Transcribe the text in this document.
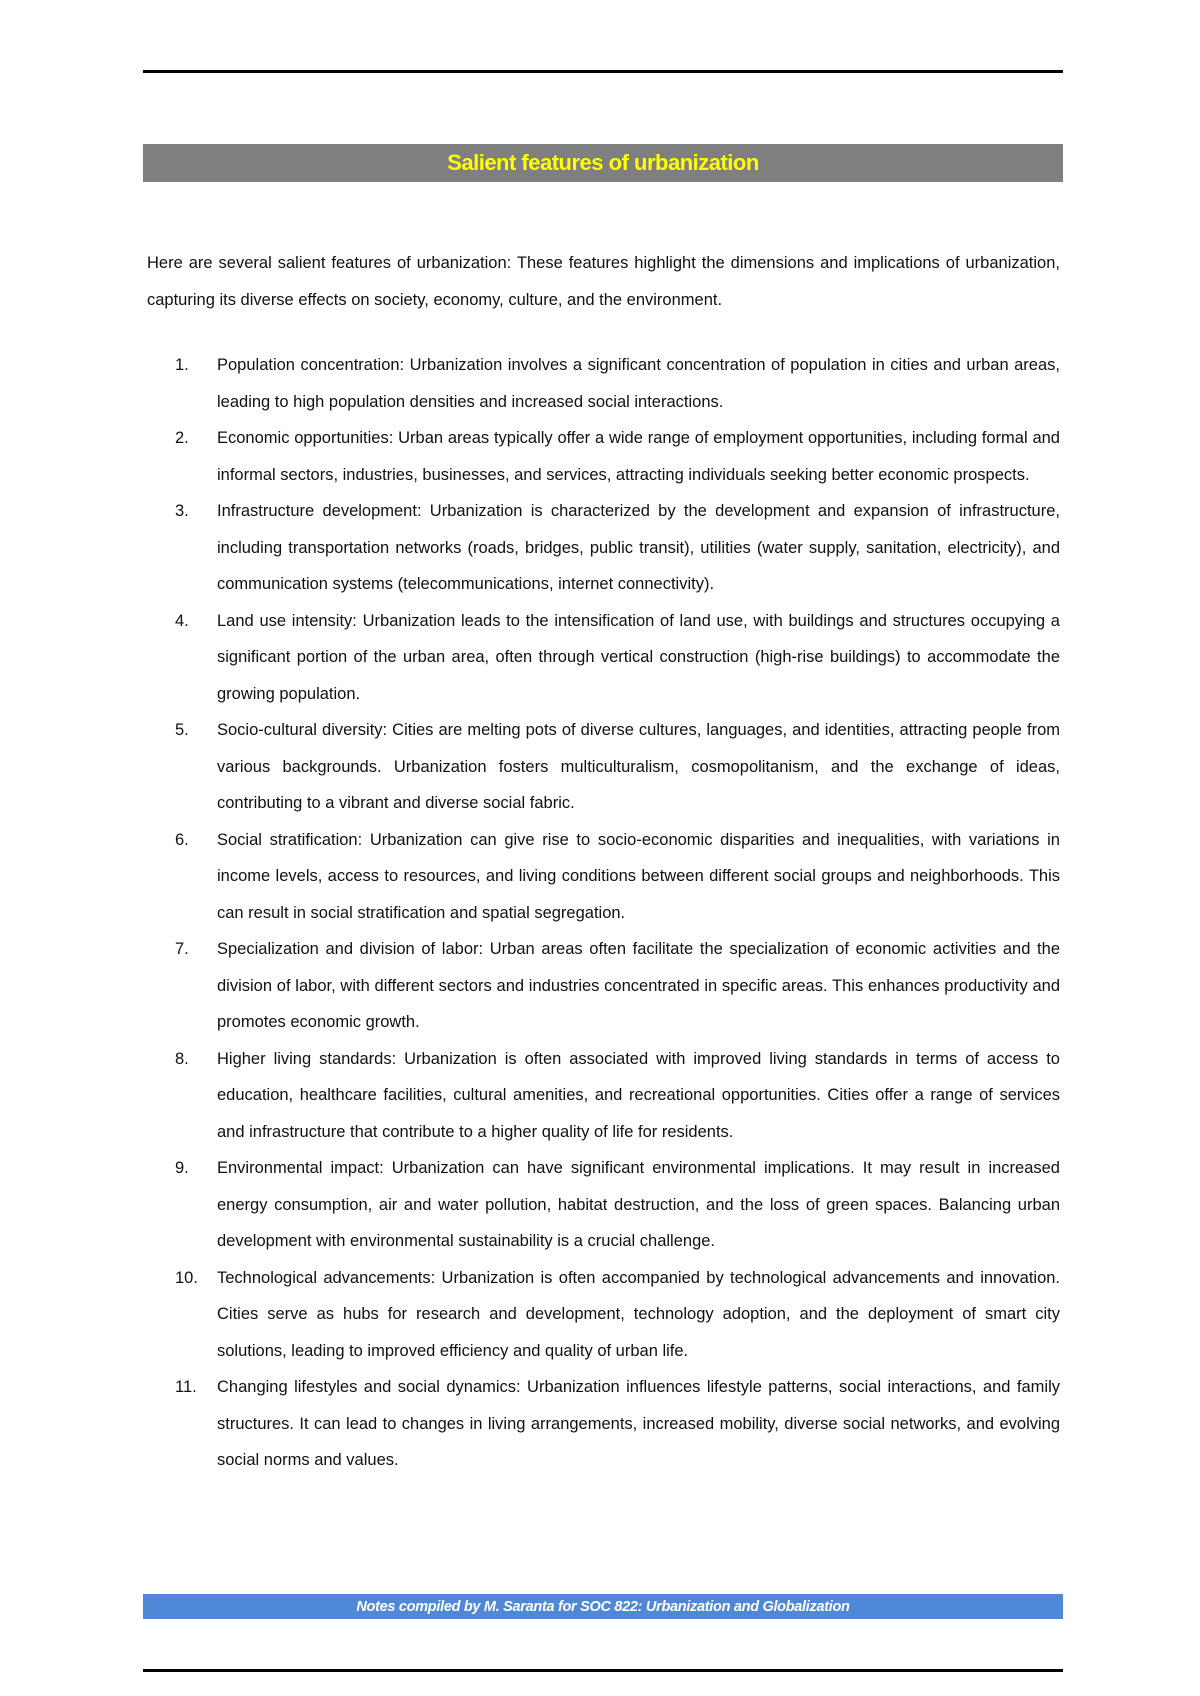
Salient features of urbanization

Here are several salient features of urbanization: These features highlight the dimensions and implications of urbanization, capturing its diverse effects on society, economy, culture, and the environment.

1. Population concentration: Urbanization involves a significant concentration of population in cities and urban areas, leading to high population densities and increased social interactions.
2. Economic opportunities: Urban areas typically offer a wide range of employment opportunities, including formal and informal sectors, industries, businesses, and services, attracting individuals seeking better economic prospects.
3. Infrastructure development: Urbanization is characterized by the development and expansion of infrastructure, including transportation networks (roads, bridges, public transit), utilities (water supply, sanitation, electricity), and communication systems (telecommunications, internet connectivity).
4. Land use intensity: Urbanization leads to the intensification of land use, with buildings and structures occupying a significant portion of the urban area, often through vertical construction (high-rise buildings) to accommodate the growing population.
5. Socio-cultural diversity: Cities are melting pots of diverse cultures, languages, and identities, attracting people from various backgrounds. Urbanization fosters multiculturalism, cosmopolitanism, and the exchange of ideas, contributing to a vibrant and diverse social fabric.
6. Social stratification: Urbanization can give rise to socio-economic disparities and inequalities, with variations in income levels, access to resources, and living conditions between different social groups and neighborhoods. This can result in social stratification and spatial segregation.
7. Specialization and division of labor: Urban areas often facilitate the specialization of economic activities and the division of labor, with different sectors and industries concentrated in specific areas. This enhances productivity and promotes economic growth.
8. Higher living standards: Urbanization is often associated with improved living standards in terms of access to education, healthcare facilities, cultural amenities, and recreational opportunities. Cities offer a range of services and infrastructure that contribute to a higher quality of life for residents.
9. Environmental impact: Urbanization can have significant environmental implications. It may result in increased energy consumption, air and water pollution, habitat destruction, and the loss of green spaces. Balancing urban development with environmental sustainability is a crucial challenge.
10. Technological advancements: Urbanization is often accompanied by technological advancements and innovation. Cities serve as hubs for research and development, technology adoption, and the deployment of smart city solutions, leading to improved efficiency and quality of urban life.
11. Changing lifestyles and social dynamics: Urbanization influences lifestyle patterns, social interactions, and family structures. It can lead to changes in living arrangements, increased mobility, diverse social networks, and evolving social norms and values.
Notes compiled by M. Saranta for SOC 822: Urbanization and Globalization
